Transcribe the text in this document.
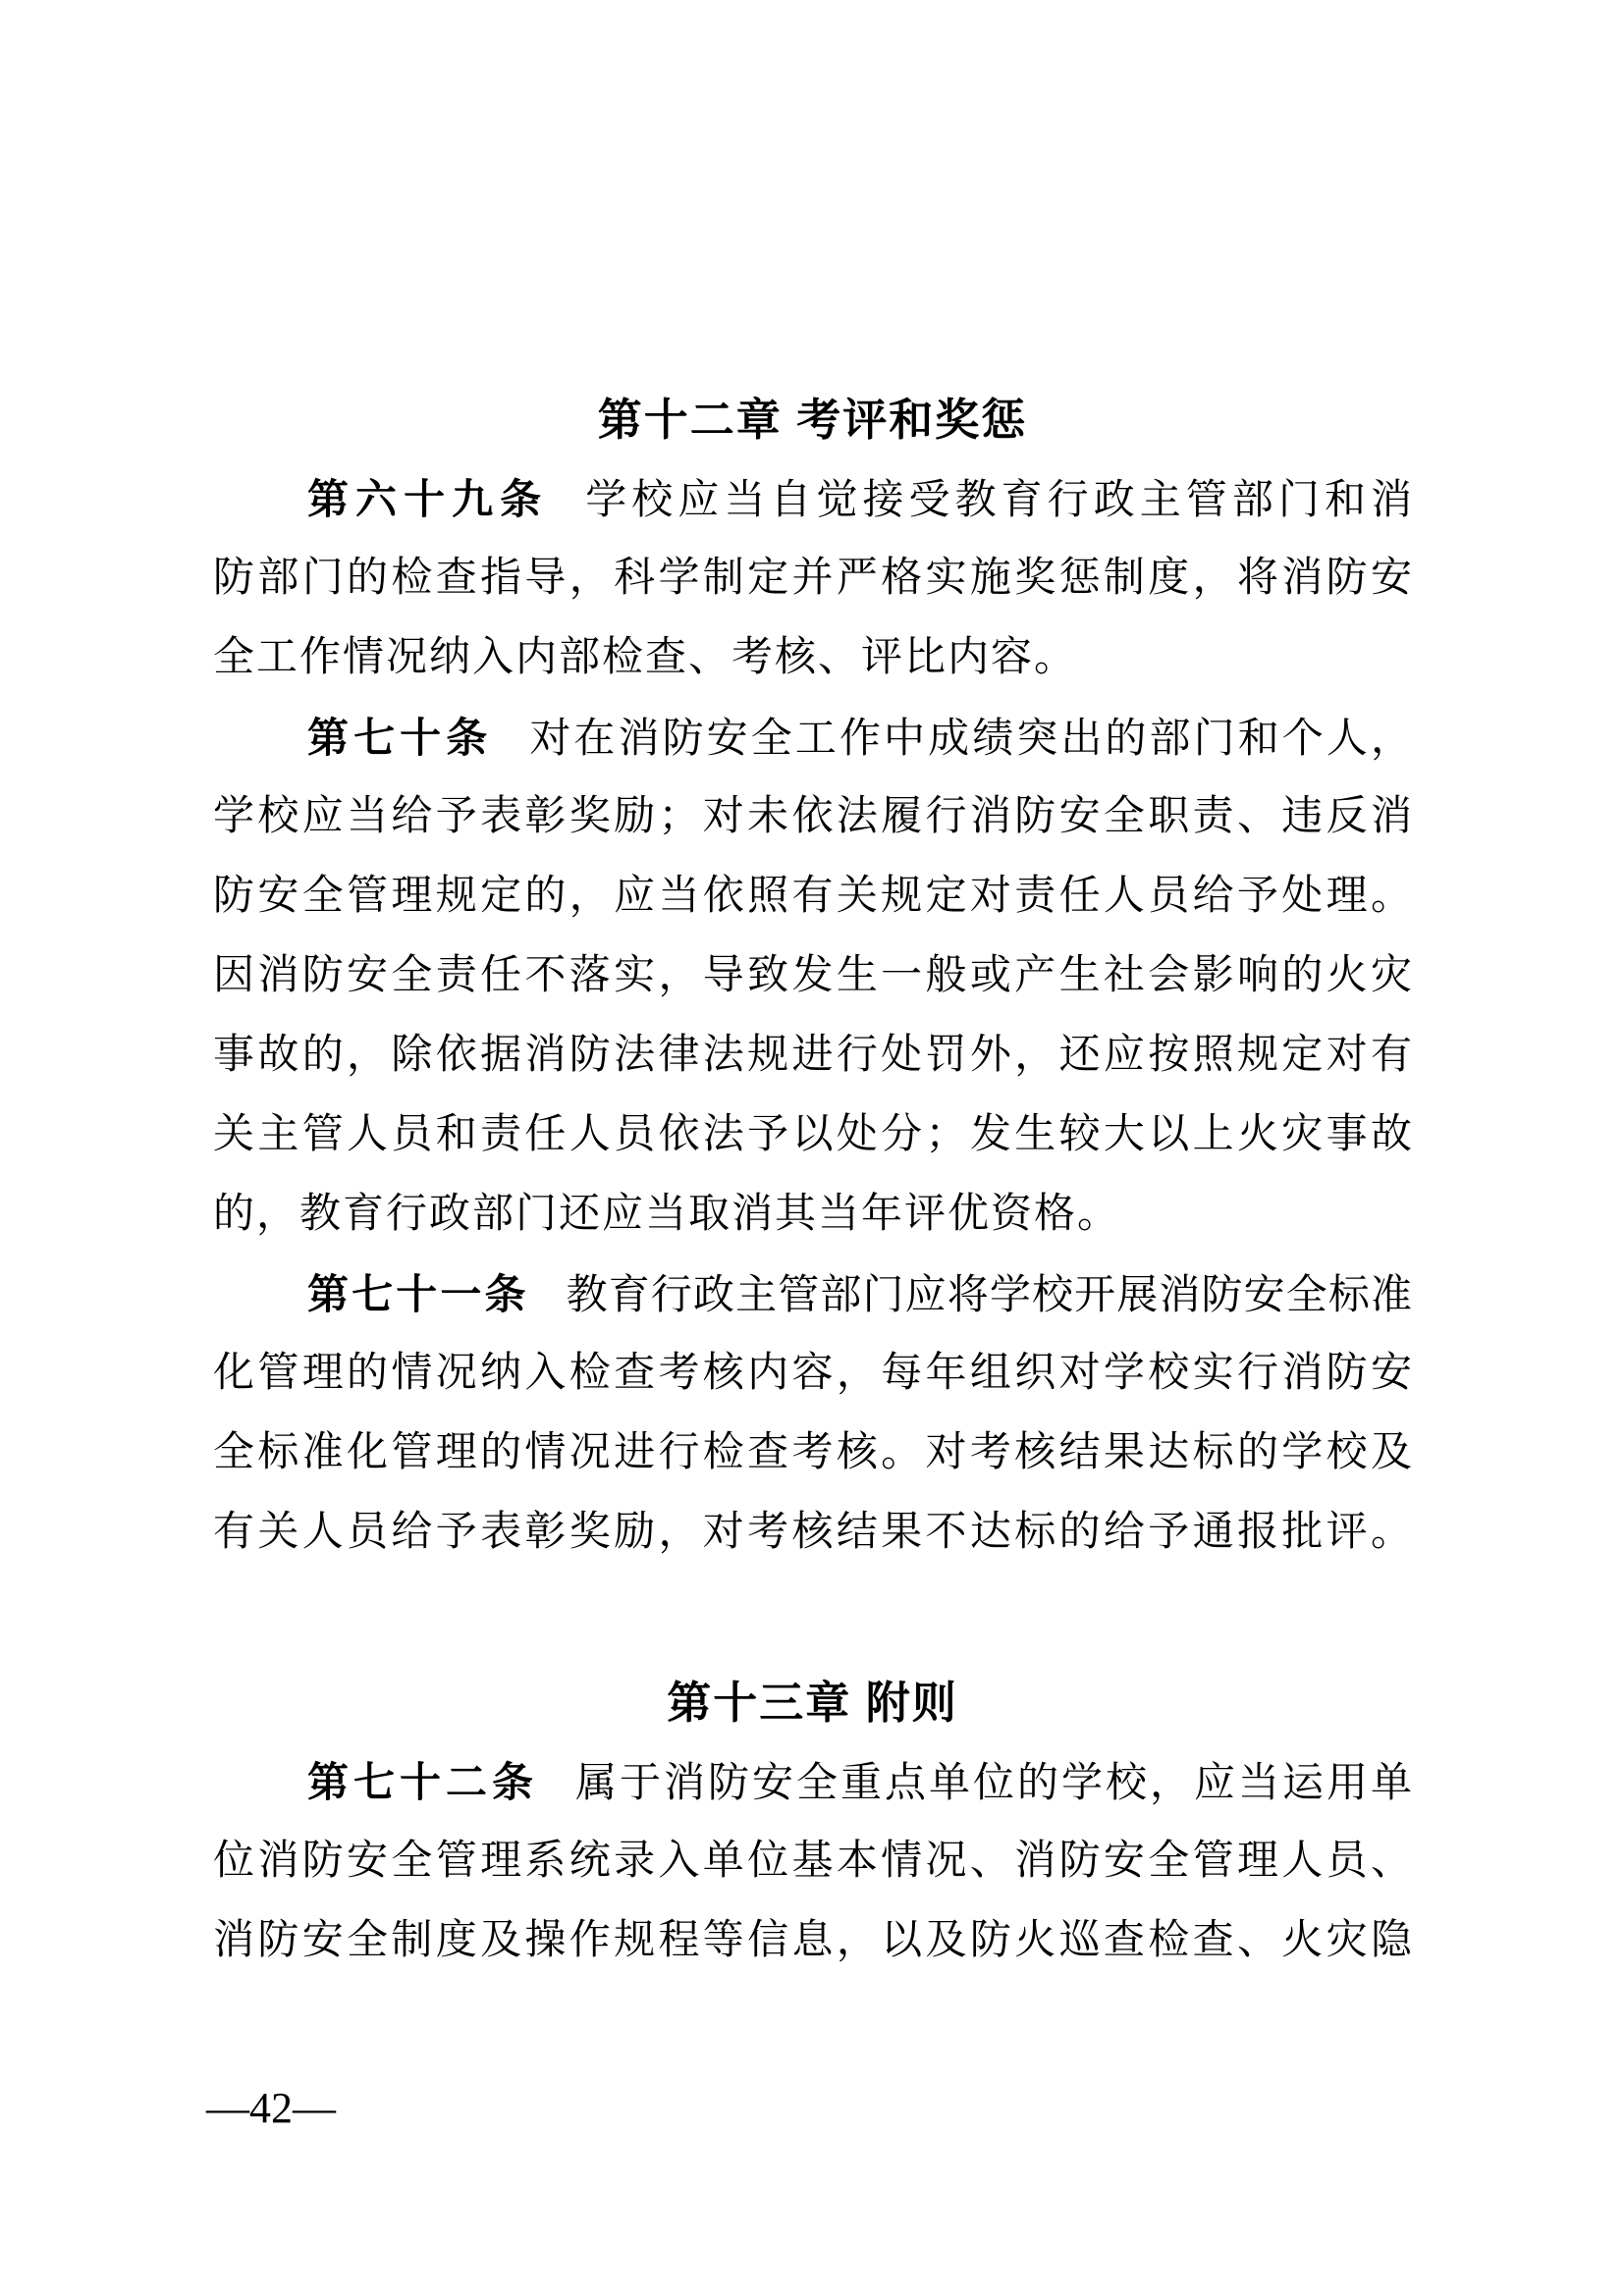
第十二章 考评和奖惩
第六十九条 学校应当自觉接受教育行政主管部门和消
防部门的检查指导，科学制定并严格实施奖惩制度，将消防安
全工作情况纳入内部检查、考核、评比内容。
第七十条 对在消防安全工作中成绩突出的部门和个人，
学校应当给予表彰奖励；对未依法履行消防安全职责、违反消
防安全管理规定的，应当依照有关规定对责任人员给予处理。
因消防安全责任不落实，导致发生一般或产生社会影响的火灾
事故的，除依据消防法律法规进行处罚外，还应按照规定对有
关主管人员和责任人员依法予以处分；发生较大以上火灾事故
的，教育行政部门还应当取消其当年评优资格。
第七十一条 教育行政主管部门应将学校开展消防安全标准
化管理的情况纳入检查考核内容，每年组织对学校实行消防安
全标准化管理的情况进行检查考核。对考核结果达标的学校及
有关人员给予表彰奖励，对考核结果不达标的给予通报批评。
第十三章 附则
第七十二条 属于消防安全重点单位的学校，应当运用单
位消防安全管理系统录入单位基本情况、消防安全管理人员、
消防安全制度及操作规程等信息，以及防火巡查检查、火灾隐
—42—
